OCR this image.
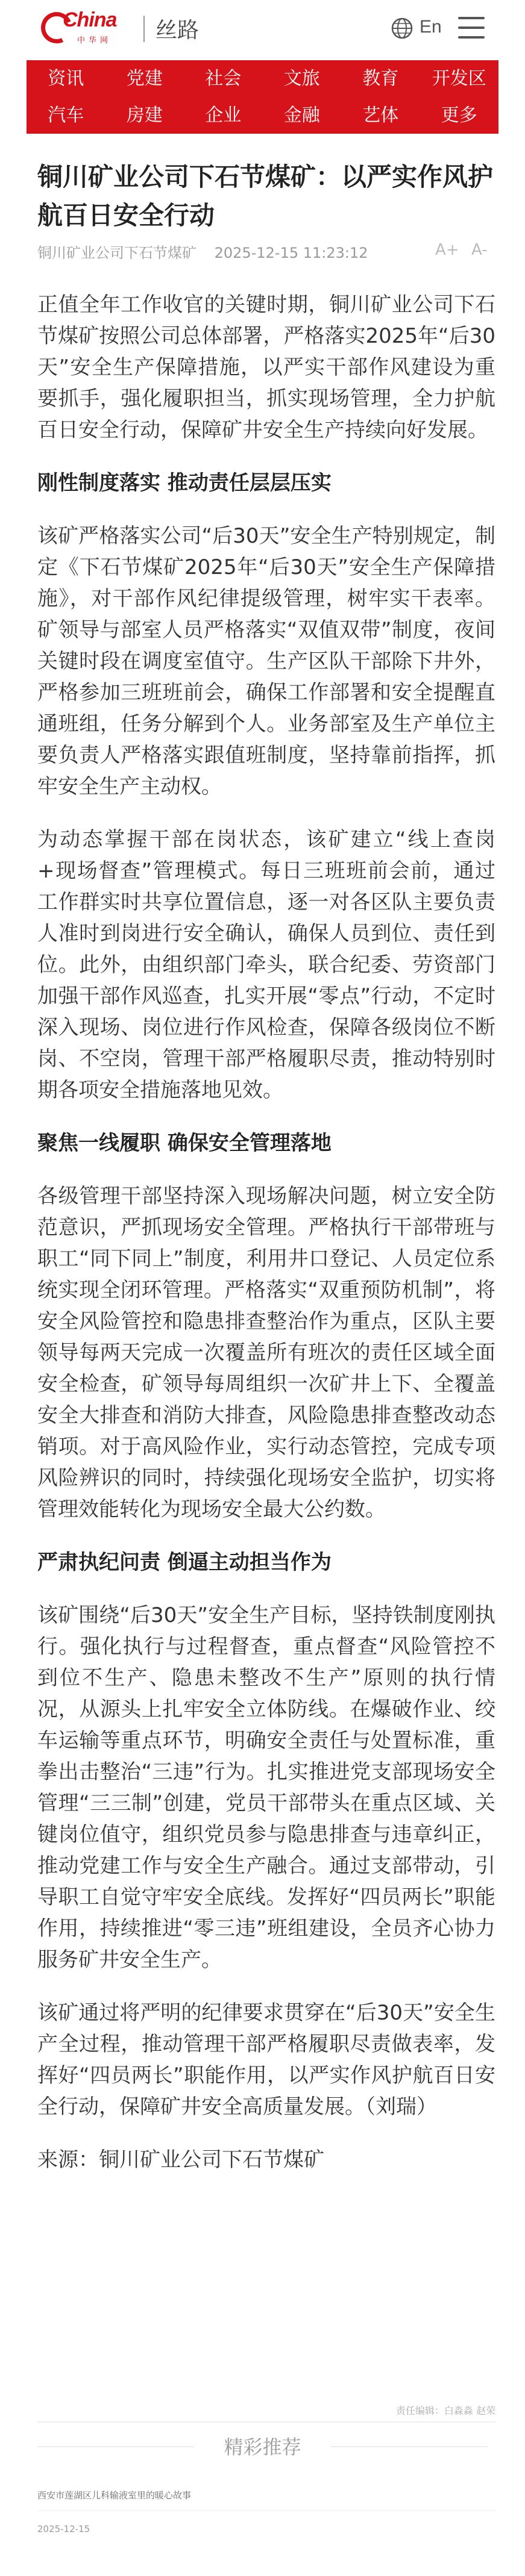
China
中华网 丝路	En
资讯	党建	社会	文旅	教育	开发区
汽车	房建	企业	金融	艺体	更多
铜川矿业公司下石节煤矿：以严实作风护航百日安全行动
铜川矿业公司下石节煤矿 2025-12-15 11:23:12	A+ A-

正值全年工作收官的关键时期，铜川矿业公司下石节煤矿按照公司总体部署，严格落实2025年“后30天”安全生产保障措施，以严实干部作风建设为重要抓手，强化履职担当，抓实现场管理，全力护航百日安全行动，保障矿井安全生产持续向好发展。

刚性制度落实 推动责任层层压实

该矿严格落实公司“后30天”安全生产特别规定，制定《下石节煤矿2025年“后30天”安全生产保障措施》，对干部作风纪律提级管理，树牢实干表率。矿领导与部室人员严格落实“双值双带”制度，夜间关键时段在调度室值守。生产区队干部除下井外，严格参加三班班前会，确保工作部署和安全提醒直通班组，任务分解到个人。业务部室及生产单位主要负责人严格落实跟值班制度，坚持靠前指挥，抓牢安全生产主动权。

为动态掌握干部在岗状态，该矿建立“线上查岗+现场督查”管理模式。每日三班班前会前，通过工作群实时共享位置信息，逐一对各区队主要负责人准时到岗进行安全确认，确保人员到位、责任到位。此外，由组织部门牵头，联合纪委、劳资部门加强干部作风巡查，扎实开展“零点”行动，不定时深入现场、岗位进行作风检查，保障各级岗位不断岗、不空岗，管理干部严格履职尽责，推动特别时期各项安全措施落地见效。

聚焦一线履职 确保安全管理落地

各级管理干部坚持深入现场解决问题，树立安全防范意识，严抓现场安全管理。严格执行干部带班与职工“同下同上”制度，利用井口登记、人员定位系统实现全闭环管理。严格落实“双重预防机制”，将安全风险管控和隐患排查整治作为重点，区队主要领导每两天完成一次覆盖所有班次的责任区域全面安全检查，矿领导每周组织一次矿井上下、全覆盖安全大排查和消防大排查，风险隐患排查整改动态销项。对于高风险作业，实行动态管控，完成专项风险辨识的同时，持续强化现场安全监护，切实将管理效能转化为现场安全最大公约数。

严肃执纪问责 倒逼主动担当作为

该矿围绕“后30天”安全生产目标，坚持铁制度刚执行。强化执行与过程督查，重点督查“风险管控不到位不生产、隐患未整改不生产”原则的执行情况，从源头上扎牢安全立体防线。在爆破作业、绞车运输等重点环节，明确安全责任与处置标准，重拳出击整治“三违”行为。扎实推进党支部现场安全管理“三三制”创建，党员干部带头在重点区域、关键岗位值守，组织党员参与隐患排查与违章纠正，推动党建工作与安全生产融合。通过支部带动，引导职工自觉守牢安全底线。发挥好“四员两长”职能作用，持续推进“零三违”班组建设，全员齐心协力服务矿井安全生产。

该矿通过将严明的纪律要求贯穿在“后30天”安全生产全过程，推动管理干部严格履职尽责做表率，发挥好“四员两长”职能作用，以严实作风护航百日安全行动，保障矿井安全高质量发展。（刘瑞）

来源：铜川矿业公司下石节煤矿

责任编辑：白淼淼 赵荣
精彩推荐
西安市莲湖区儿科输液室里的暖心故事
2025-12-15
